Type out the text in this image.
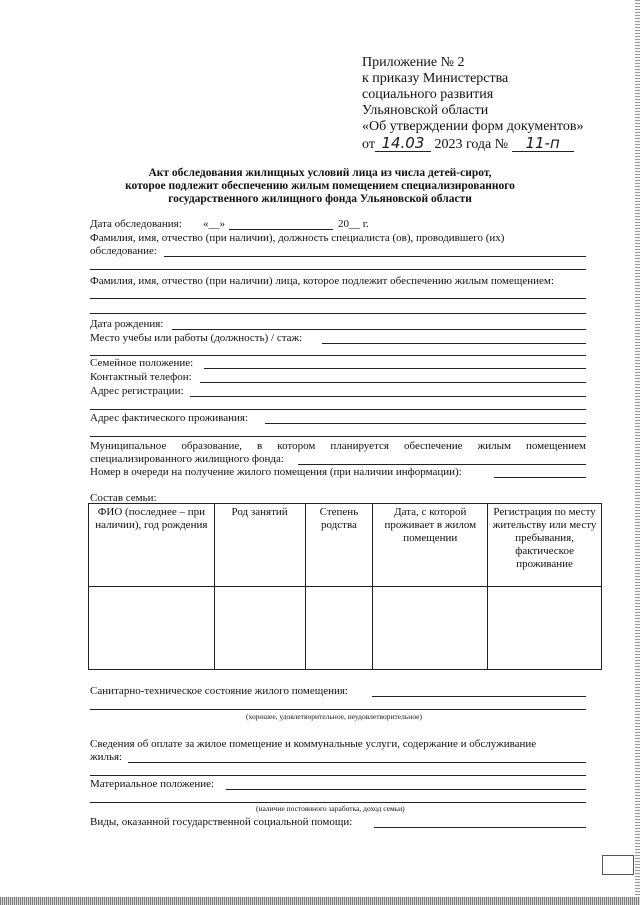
Приложение № 2
к приказу Министерства
социального развития
Ульяновской области
«Об утверждении форм документов»
от 14.03 2023 года № 11-п
Акт обследования жилищных условий лица из числа детей-сирот,
которое подлежит обеспечению жилым помещением специализированного
государственного жилищного фонда Ульяновской области
Дата обследования: «__»	20__ г.
Фамилия, имя, отчество (при наличии), должность специалиста (ов), проводившего (их)
обследование:
Фамилия, имя, отчество (при наличии) лица, которое подлежит обеспечению жилым помещением:
Дата рождения:
Место учебы или работы (должность) / стаж:
Семейное положение:
Контактный телефон:
Адрес регистрации:
Адрес фактического проживания:
Муниципальное образование, в котором планируется обеспечение жилым помещением
специализированного жилищного фонда:
Номер в очереди на получение жилого помещения (при наличии информации):
Состав семьи:
ФИО (последнее – при наличии), год рождения	Род занятий	Степень родства	Дата, с которой проживает в жилом помещении	Регистрация по месту жительству или месту пребывания, фактическое проживание

Санитарно-техническое состояние жилого помещения:
(хорошее, удовлетворительное, неудовлетворительное)
Сведения об оплате за жилое помещение и коммунальные услуги, содержание и обслуживание
жилья:
Материальное положение:
(наличие постоянного заработка, доход семьи)
Виды, оказанной государственной социальной помощи:
